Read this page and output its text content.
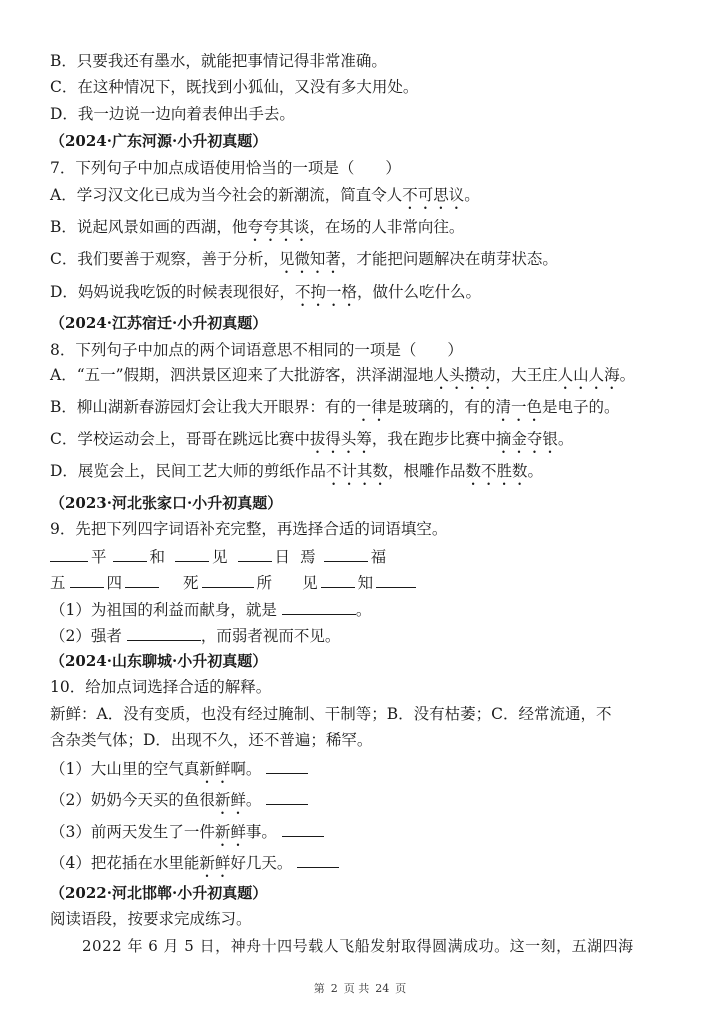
B．只要我还有墨水，就能把事情记得非常准确。
C．在这种情况下，既找到小狐仙，又没有多大用处。
D．我一边说一边向着表伸出手去。
（2024·广东河源·小升初真题）
7．下列句子中加点成语使用恰当的一项是（　　）
A．学习汉文化已成为当今社会的新潮流，简直令人不可思议。
B．说起风景如画的西湖，他夸夸其谈，在场的人非常向往。
C．我们要善于观察，善于分析，见微知著，才能把问题解决在萌芽状态。
D．妈妈说我吃饭的时候表现很好，不拘一格，做什么吃什么。
（2024·江苏宿迁·小升初真题）
8．下列句子中加点的两个词语意思不相同的一项是（　　）
A．“五一”假期，泗洪景区迎来了大批游客，洪泽湖湿地人头攒动，大王庄人山人海。
B．柳山湖新春游园灯会让我大开眼界：有的一律是玻璃的，有的清一色是电子的。
C．学校运动会上，哥哥在跳远比赛中拔得头筹，我在跑步比赛中摘金夺银。
D．展览会上，民间工艺大师的剪纸作品不计其数，根雕作品数不胜数。
（2023·河北张家口·小升初真题）
9．先把下列四字词语补充完整，再选择合适的词语填空。
平	和	见	日 焉	福
五	四	死	所 见	知
（1）为祖国的利益而献身，就是	。
（2）强者	，而弱者视而不见。
（2024·山东聊城·小升初真题）
10．给加点词选择合适的解释。
新鲜：A．没有变质，也没有经过腌制、干制等；B．没有枯萎；C．经常流通，不
含杂类气体；D．出现不久，还不普遍；稀罕。
（1）大山里的空气真新鲜啊。
（2）奶奶今天买的鱼很新鲜。
（3）前两天发生了一件新鲜事。
（4）把花插在水里能新鲜好几天。
（2022·河北邯郸·小升初真题）
阅读语段，按要求完成练习。
2022 年 6 月 5 日，神舟十四号载人飞船发射取得圆满成功。这一刻，五湖四海
第 2 页 共 24 页
